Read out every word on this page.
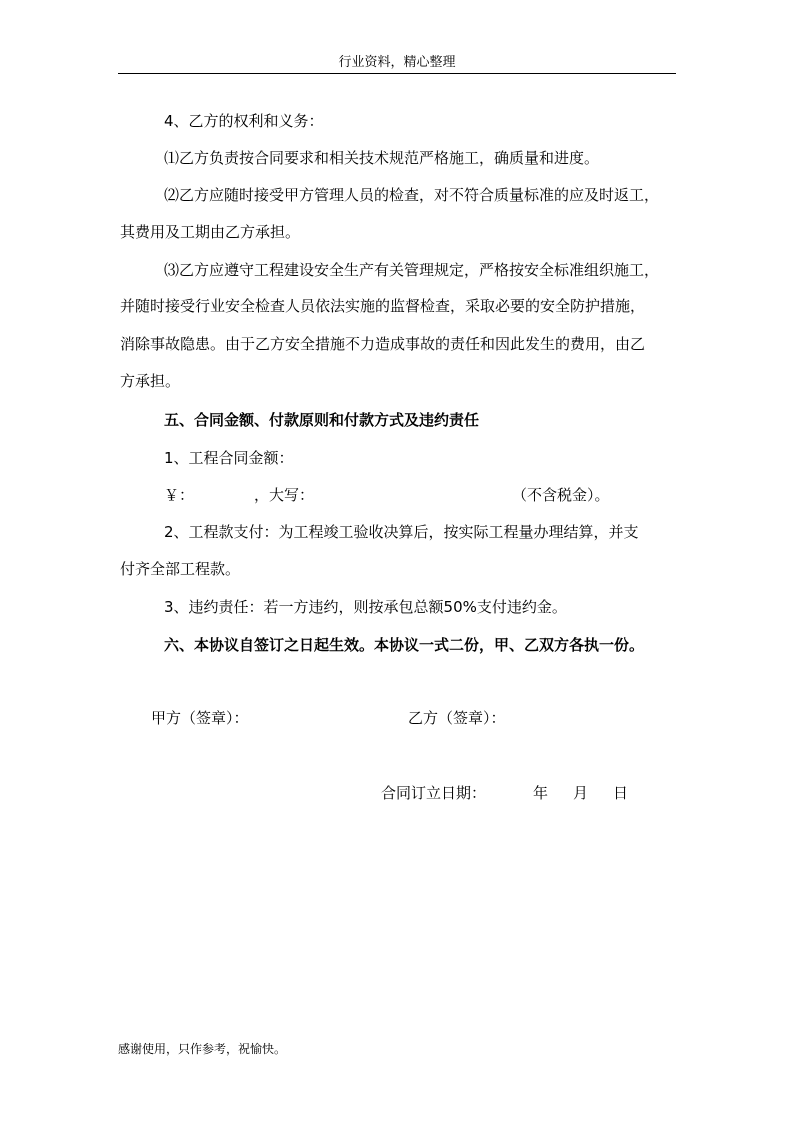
行业资料，精心整理
4、乙方的权利和义务：
⑴乙方负责按合同要求和相关技术规范严格施工，确质量和进度。
⑵乙方应随时接受甲方管理人员的检查，对不符合质量标准的应及时返工，
其费用及工期由乙方承担。
⑶乙方应遵守工程建设安全生产有关管理规定，严格按安全标准组织施工，
并随时接受行业安全检查人员依法实施的监督检查，采取必要的安全防护措施，
消除事故隐患。由于乙方安全措施不力造成事故的责任和因此发生的费用，由乙
方承担。
五、合同金额、付款原则和付款方式及违约责任
1、工程合同金额：
￥：	，大写：	（不含税金）。
2、工程款支付：为工程竣工验收决算后，按实际工程量办理结算，并支
付齐全部工程款。
3、违约责任：若一方违约，则按承包总额50%支付违约金。
六、本协议自签订之日起生效。本协议一式二份，甲、乙双方各执一份。
甲方（签章）：	乙方（签章）：
合同订立日期：	年 月 日
感谢使用，只作参考，祝愉快。
